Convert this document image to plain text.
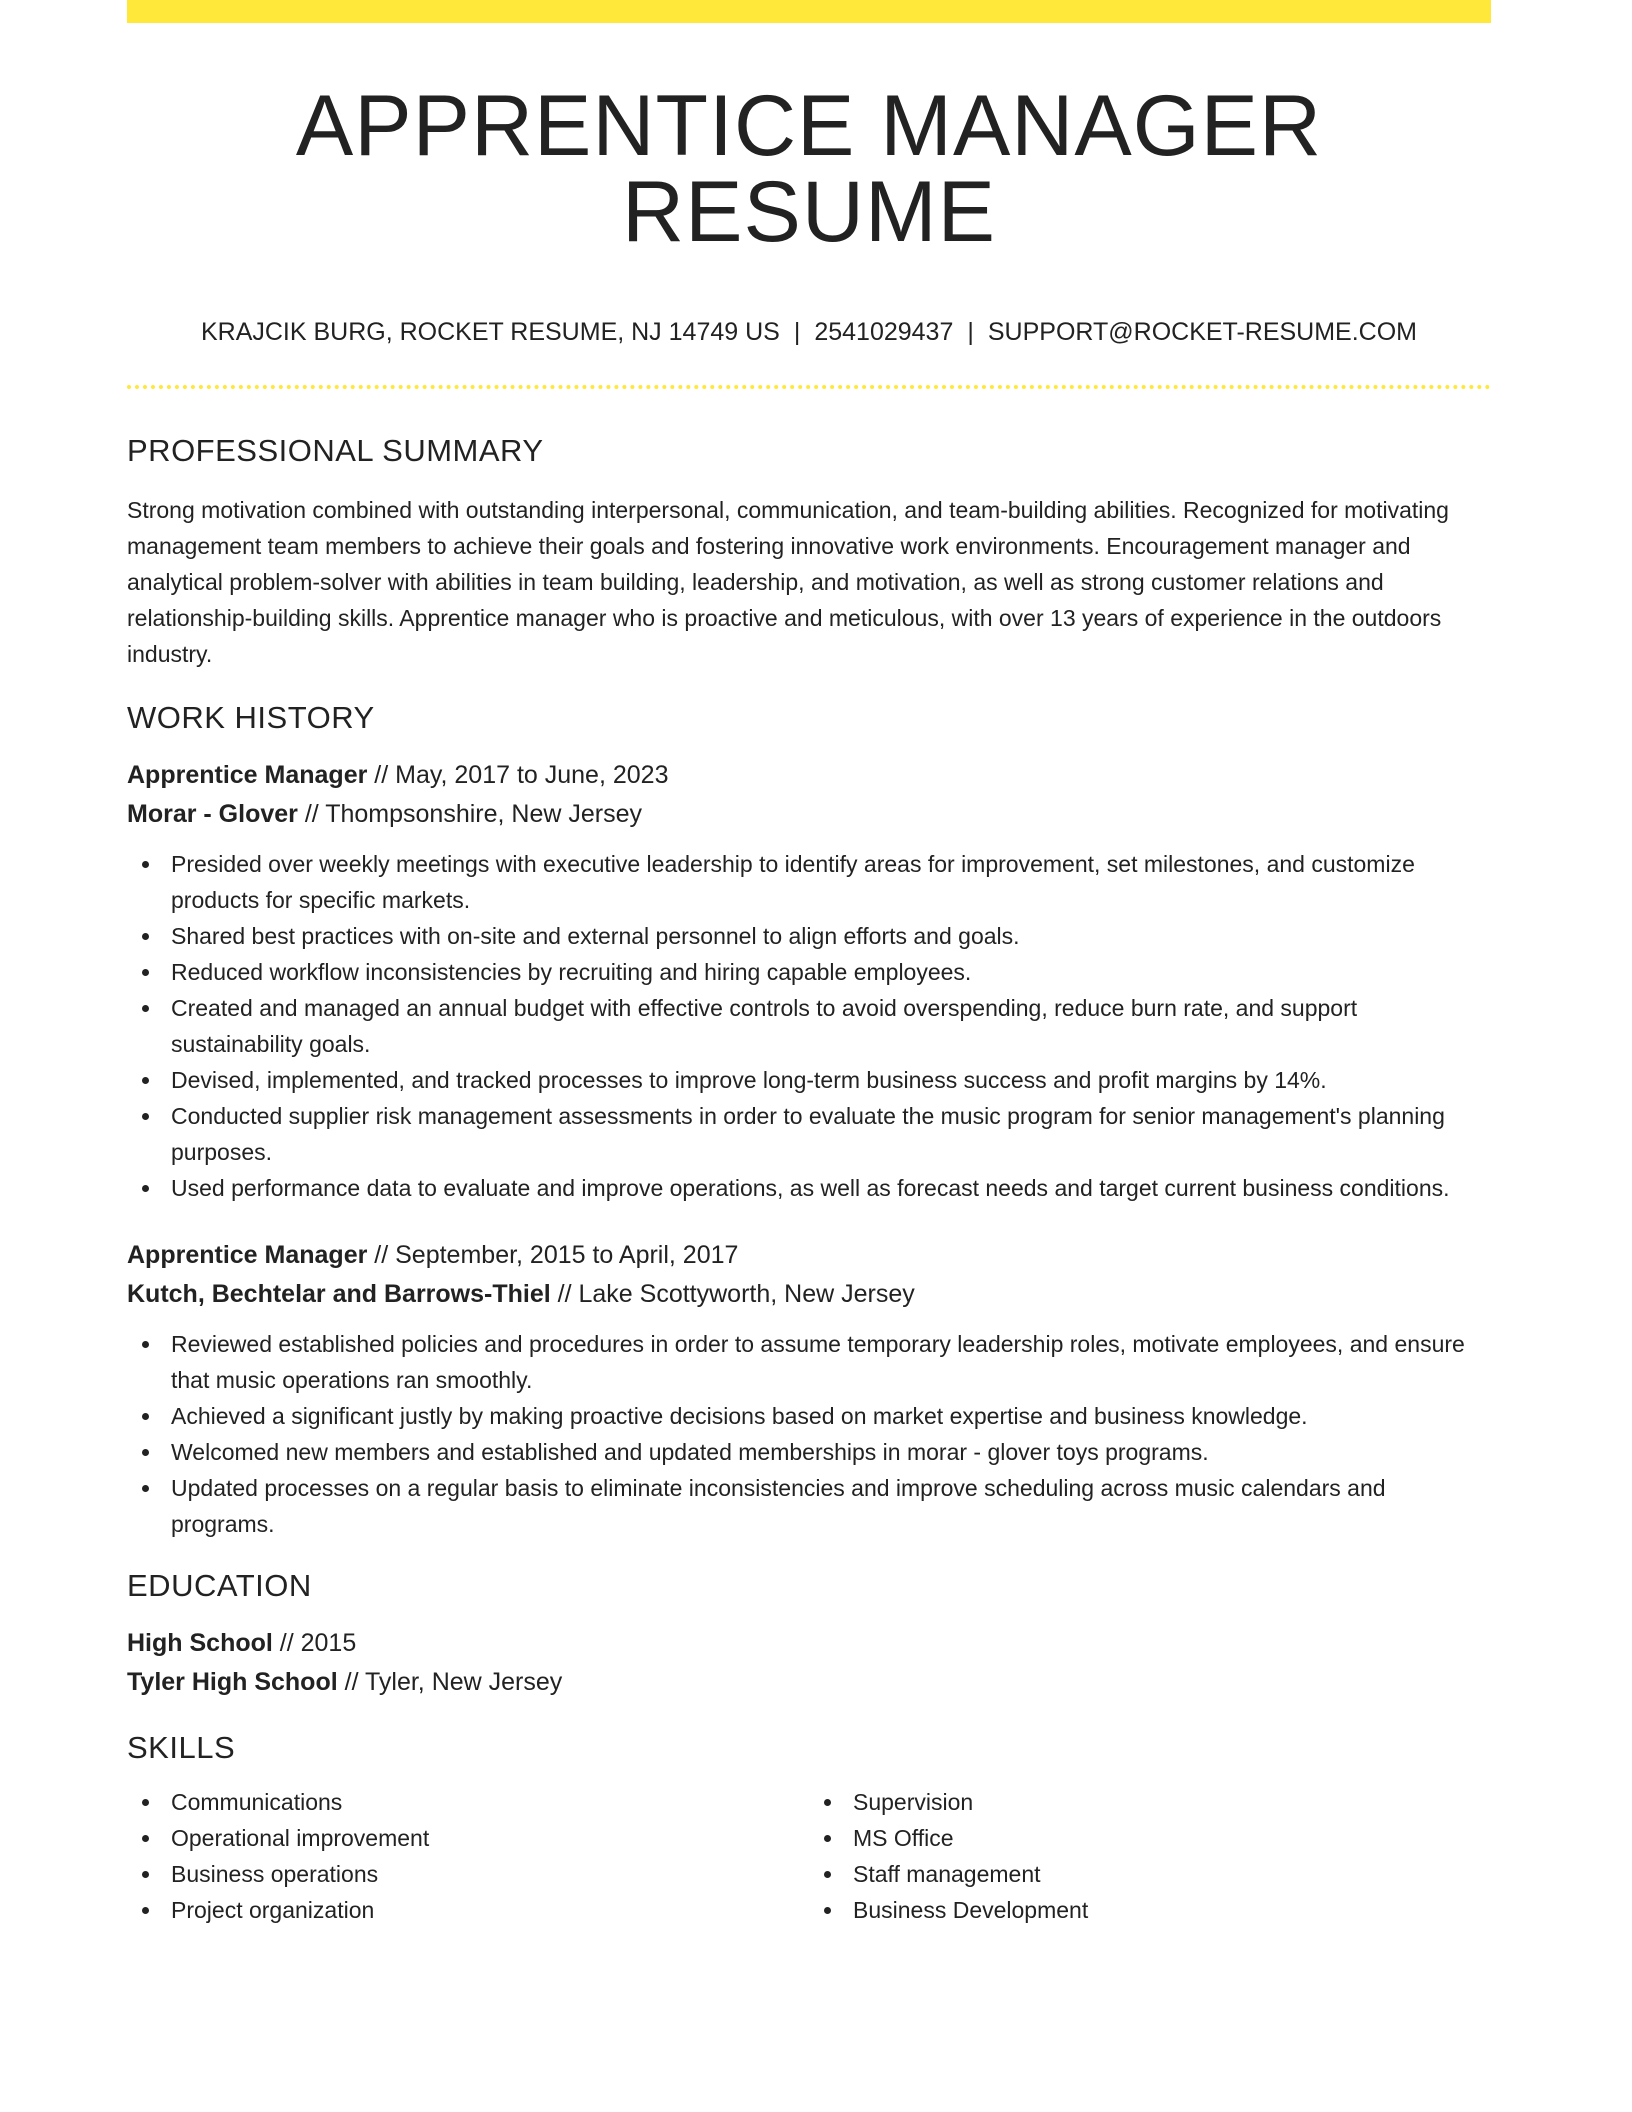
APPRENTICE MANAGER RESUME
KRAJCIK BURG, ROCKET RESUME, NJ 14749 US | 2541029437 | SUPPORT@ROCKET-RESUME.COM
PROFESSIONAL SUMMARY
Strong motivation combined with outstanding interpersonal, communication, and team-building abilities. Recognized for motivating management team members to achieve their goals and fostering innovative work environments. Encouragement manager and analytical problem-solver with abilities in team building, leadership, and motivation, as well as strong customer relations and relationship-building skills. Apprentice manager who is proactive and meticulous, with over 13 years of experience in the outdoors industry.
WORK HISTORY
Apprentice Manager // May, 2017 to June, 2023
Morar - Glover // Thompsonshire, New Jersey
Presided over weekly meetings with executive leadership to identify areas for improvement, set milestones, and customize products for specific markets.
Shared best practices with on-site and external personnel to align efforts and goals.
Reduced workflow inconsistencies by recruiting and hiring capable employees.
Created and managed an annual budget with effective controls to avoid overspending, reduce burn rate, and support sustainability goals.
Devised, implemented, and tracked processes to improve long-term business success and profit margins by 14%.
Conducted supplier risk management assessments in order to evaluate the music program for senior management's planning purposes.
Used performance data to evaluate and improve operations, as well as forecast needs and target current business conditions.
Apprentice Manager // September, 2015 to April, 2017
Kutch, Bechtelar and Barrows-Thiel // Lake Scottyworth, New Jersey
Reviewed established policies and procedures in order to assume temporary leadership roles, motivate employees, and ensure that music operations ran smoothly.
Achieved a significant justly by making proactive decisions based on market expertise and business knowledge.
Welcomed new members and established and updated memberships in morar - glover toys programs.
Updated processes on a regular basis to eliminate inconsistencies and improve scheduling across music calendars and programs.
EDUCATION
High School // 2015
Tyler High School // Tyler, New Jersey
SKILLS
Communications
Operational improvement
Business operations
Project organization
Supervision
MS Office
Staff management
Business Development
